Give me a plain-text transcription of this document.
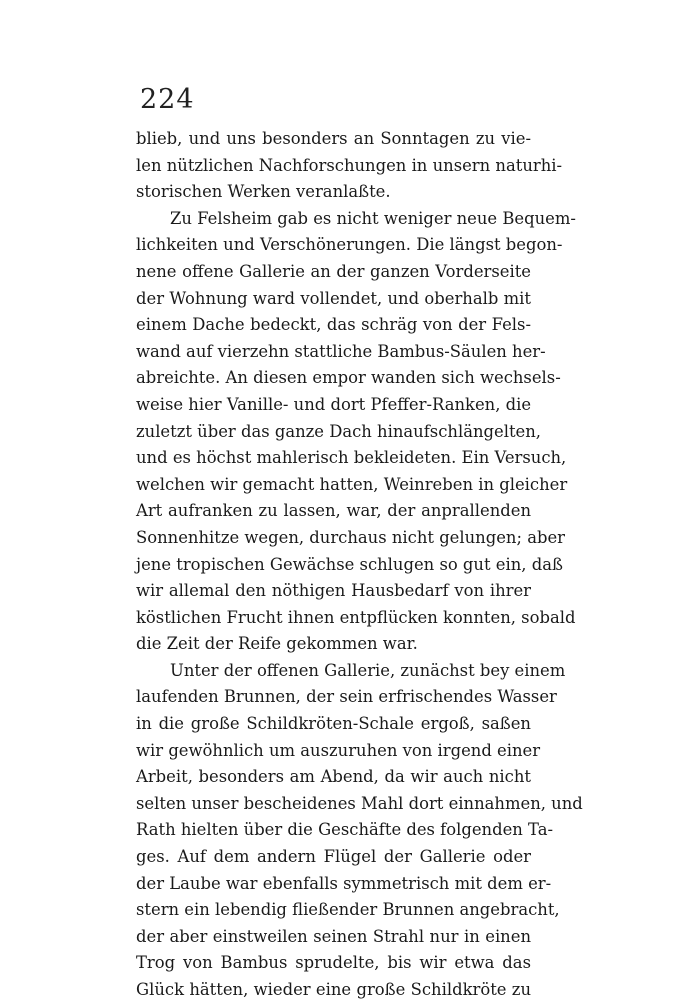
224
blieb, und uns besonders an Sonntagen zu vie-
len nützlichen Nachforschungen in unsern naturhi-
storischen Werken veranlaßte.
Zu Felsheim gab es nicht weniger neue Bequem-
lichkeiten und Verschönerungen. Die längst begon-
nene offene Gallerie an der ganzen Vorderseite
der Wohnung ward vollendet, und oberhalb mit
einem Dache bedeckt, das schräg von der Fels-
wand auf vierzehn stattliche Bambus-Säulen her-
abreichte. An diesen empor wanden sich wechsels-
weise hier Vanille- und dort Pfeffer-Ranken, die
zuletzt über das ganze Dach hinaufschlängelten,
und es höchst mahlerisch bekleideten. Ein Versuch,
welchen wir gemacht hatten, Weinreben in gleicher
Art aufranken zu lassen, war, der anprallenden
Sonnenhitze wegen, durchaus nicht gelungen; aber
jene tropischen Gewächse schlugen so gut ein, daß
wir allemal den nöthigen Hausbedarf von ihrer
köstlichen Frucht ihnen entpflücken konnten, sobald
die Zeit der Reife gekommen war.
Unter der offenen Gallerie, zunächst bey einem
laufenden Brunnen, der sein erfrischendes Wasser
in die große Schildkröten-Schale ergoß, saßen
wir gewöhnlich um auszuruhen von irgend einer
Arbeit, besonders am Abend, da wir auch nicht
selten unser bescheidenes Mahl dort einnahmen, und
Rath hielten über die Geschäfte des folgenden Ta-
ges. Auf dem andern Flügel der Gallerie oder
der Laube war ebenfalls symmetrisch mit dem er-
stern ein lebendig fließender Brunnen angebracht,
der aber einstweilen seinen Strahl nur in einen
Trog von Bambus sprudelte, bis wir etwa das
Glück hätten, wieder eine große Schildkröte zu
